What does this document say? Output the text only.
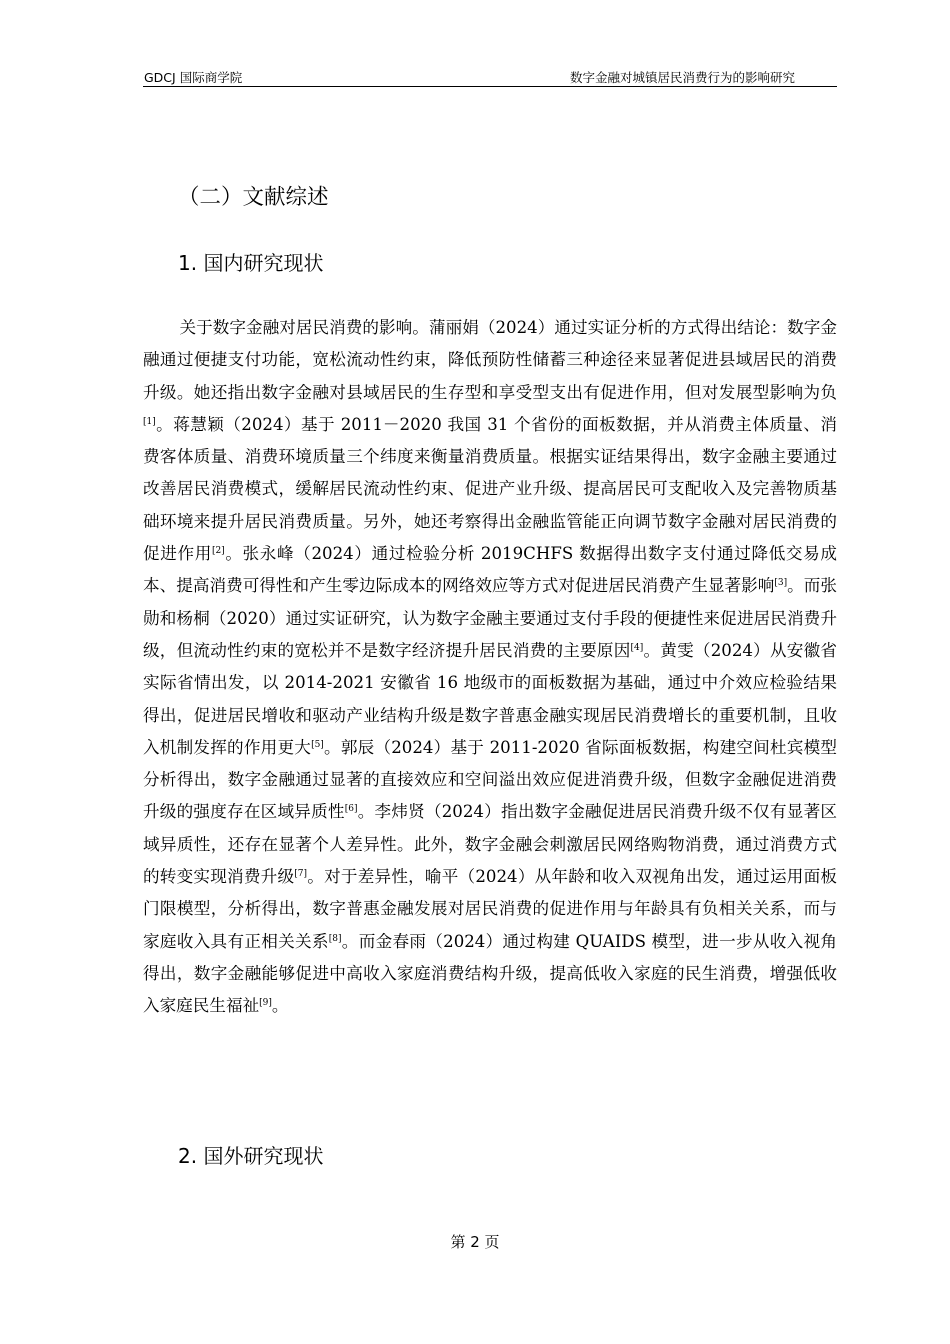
GDCJ 国际商学院	数字金融对城镇居民消费行为的影响研究
（二）文献综述
1. 国内研究现状

关于数字金融对居民消费的影响。蒲丽娟（2024）通过实证分析的方式得出结论：数字金融通过便捷支付功能，宽松流动性约束，降低预防性储蓄三种途径来显著促进县域居民的消费升级。她还指出数字金融对县域居民的生存型和享受型支出有促进作用，但对发展型影响为负[1]。蒋慧颖（2024）基于 2011－2020 我国 31 个省份的面板数据，并从消费主体质量、消费客体质量、消费环境质量三个纬度来衡量消费质量。根据实证结果得出，数字金融主要通过改善居民消费模式，缓解居民流动性约束、促进产业升级、提高居民可支配收入及完善物质基础环境来提升居民消费质量。另外，她还考察得出金融监管能正向调节数字金融对居民消费的促进作用[2]。张永峰（2024）通过检验分析 2019CHFS 数据得出数字支付通过降低交易成本、提高消费可得性和产生零边际成本的网络效应等方式对促进居民消费产生显著影响[3]。而张勋和杨桐（2020）通过实证研究，认为数字金融主要通过支付手段的便捷性来促进居民消费升级，但流动性约束的宽松并不是数字经济提升居民消费的主要原因[4]。黄雯（2024）从安徽省实际省情出发，以 2014-2021 安徽省 16 地级市的面板数据为基础，通过中介效应检验结果得出，促进居民增收和驱动产业结构升级是数字普惠金融实现居民消费增长的重要机制，且收入机制发挥的作用更大[5]。郭辰（2024）基于 2011-2020 省际面板数据，构建空间杜宾模型分析得出，数字金融通过显著的直接效应和空间溢出效应促进消费升级，但数字金融促进消费升级的强度存在区域异质性[6]。李炜贤（2024）指出数字金融促进居民消费升级不仅有显著区域异质性，还存在显著个人差异性。此外，数字金融会刺激居民网络购物消费，通过消费方式的转变实现消费升级[7]。对于差异性，喻平（2024）从年龄和收入双视角出发，通过运用面板门限模型，分析得出，数字普惠金融发展对居民消费的促进作用与年龄具有负相关关系，而与家庭收入具有正相关关系[8]。而金春雨（2024）通过构建 QUAIDS 模型，进一步从收入视角得出，数字金融能够促进中高收入家庭消费结构升级，提高低收入家庭的民生消费，增强低收入家庭民生福祉[9]。

2. 国外研究现状
第 2 页
